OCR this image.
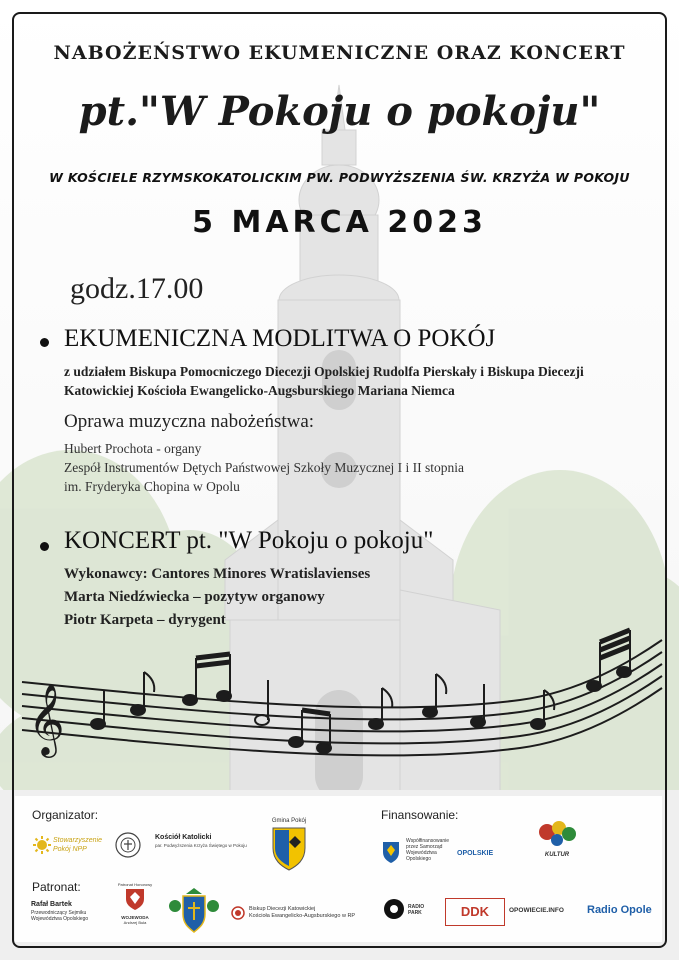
NABOŻEŃSTWO EKUMENICZNE ORAZ KONCERT
pt."W Pokoju o pokoju"
W KOŚCIELE RZYMSKOKATOLICKIM PW. PODWYŻSZENIA ŚW. KRZYŻA W POKOJU
5 MARCA 2023
godz.17.00
EKUMENICZNA MODLITWA O POKÓJ
z udziałem Biskupa Pomocniczego Diecezji Opolskiej Rudolfa Pierskały i Biskupa Diecezji
Katowickiej Kościoła Ewangelicko-Augsburskiego Mariana Niemca
Oprawa muzyczna nabożeństwa:
Hubert Prochota - organy
Zespół Instrumentów Dętych Państwowej Szkoły Muzycznej I i II stopnia
im. Fryderyka Chopina w Opolu
KONCERT pt. "W Pokoju o pokoju"
Wykonawcy: Cantores Minores Wratislavienses
Marta Niedźwiecka – pozytyw organowy
Piotr Karpeta – dyrygent
𝄞
Organizator:	Finansowanie:
Patronat:
Stowarzyszenie
Pokój NPP
Kościół Katolicki
par. Podwyższenia Krzyża Świętego w Pokoju
Gmina Pokój
Współfinansowanie
przez Samorząd
Województwa
Opolskiego
OPOLSKIE	KULTUR
Rafał Bartek
Przewodniczący Sejmiku
Województwa Opolskiego
Patronat Honorowy
WOJEWODA
Andrzej Buła
Biskup Diecezji Katowickiej
Kościoła Ewangelicko-Augsburskiego w RP
RADIO PARK	DDK	OPOWIECIE.INFO Radio Opole
